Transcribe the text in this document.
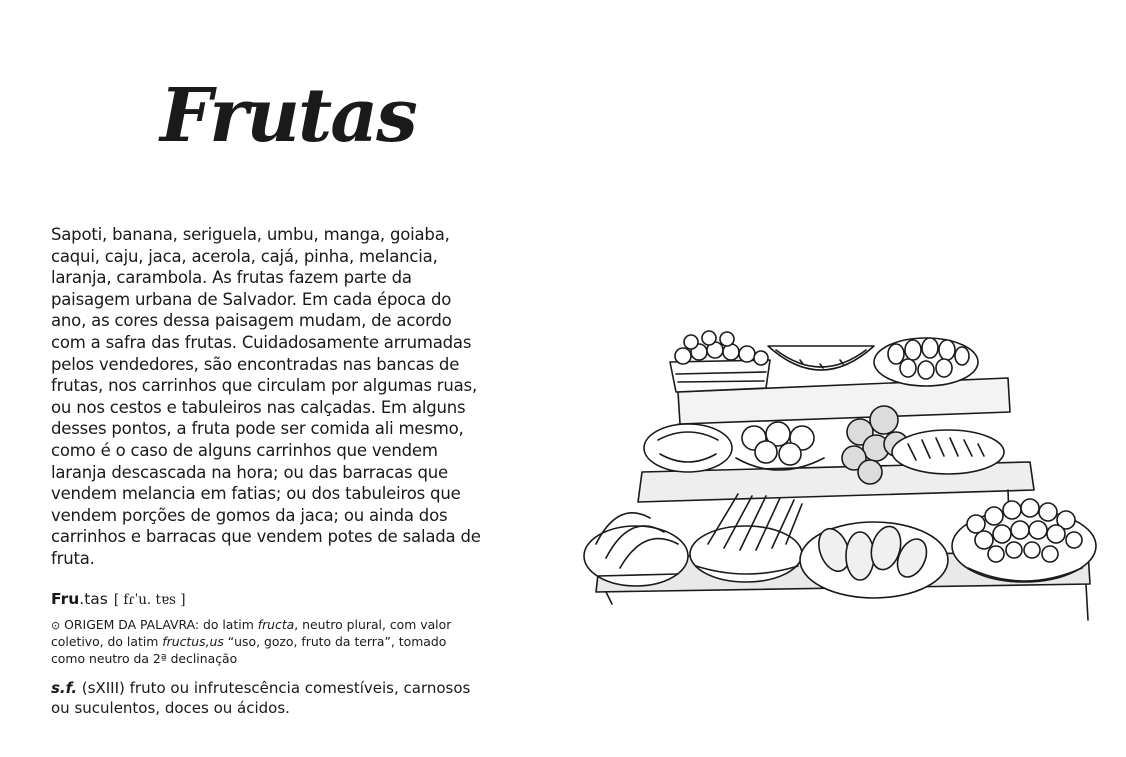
Frutas

Sapoti, banana, seriguela, umbu, manga, goiaba, caqui, caju, jaca, acerola, cajá, pinha, melancia, laranja, carambola. As frutas fazem parte da paisagem urbana de Salvador. Em cada época do ano, as cores dessa paisagem mudam, de acordo com a safra das frutas. Cuidadosamente arrumadas pelos vendedores, são encontradas nas bancas de frutas, nos carrinhos que circulam por algumas ruas, ou nos cestos e tabuleiros nas calçadas. Em alguns desses pontos, a fruta pode ser comida ali mesmo, como é o caso de alguns carrinhos que vendem laranja descascada na hora; ou das barracas que vendem melancia em fatias; ou dos tabuleiros que vendem porções de gomos da jaca; ou ainda dos carrinhos e barracas que vendem potes de salada de fruta.

Fru.tas [ fɾˈu. tɐs ]

⊙ ORIGEM DA PALAVRA: do latim fructa, neutro plural, com valor coletivo, do latim fructus,us “uso, gozo, fruto da terra”, tomado como neutro da 2ª declinação

s.f. (sXIII) fruto ou infrutescência comestíveis, carnosos ou suculentos, doces ou ácidos.
